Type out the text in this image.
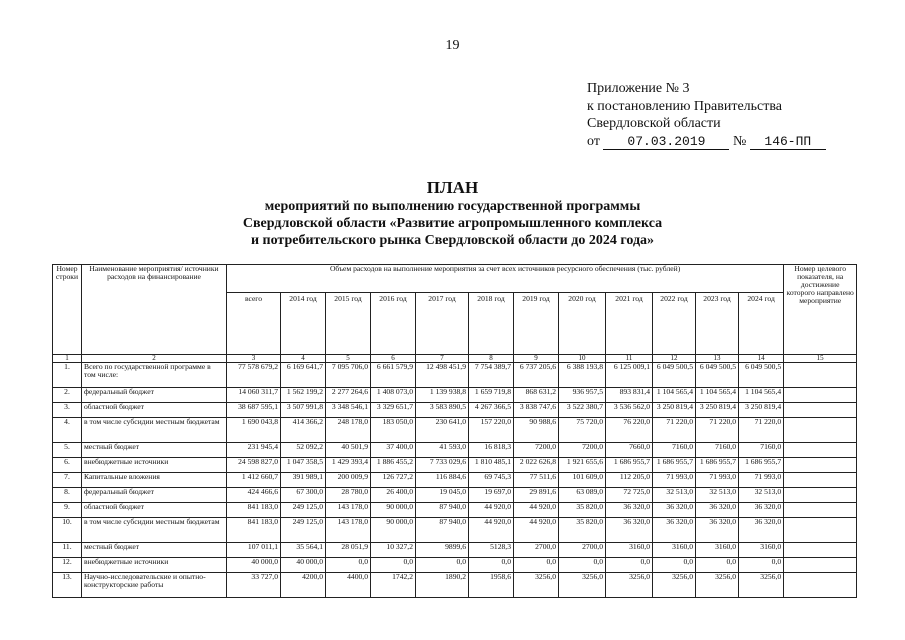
19
Приложение № 3
к постановлению Правительства
Свердловской области
от 07.03.2019 № 146-ПП
ПЛАН
мероприятий по выполнению государственной программы
Свердловской области «Развитие агропромышленного комплекса
и потребительского рынка Свердловской области до 2024 года»
Номер строки	Наименование мероприятия/ источники расходов на финансирование	Объем расходов на выполнение мероприятия за счет всех источников ресурсного обеспечения (тыс. рублей)												Номер целевого показателя, на достижение которого направлено мероприятие
		всего	2014 год	2015 год	2016 год	2017 год	2018 год	2019 год	2020 год	2021 год	2022 год	2023 год	2024 год	
1	2	3	4	5	6	7	8	9	10	11	12	13	14	15
1.	Всего по государственной программе в том числе:	77 578 679,2	6 169 641,7	7 095 706,0	6 661 579,9	12 498 451,9	7 754 389,7	6 737 205,6	6 388 193,8	6 125 009,1	6 049 500,5	6 049 500,5	6 049 500,5	
2.	федеральный бюджет	14 060 311,7	1 562 199,2	2 277 264,6	1 408 073,0	1 139 938,8	1 659 719,8	868 631,2	936 957,5	893 831,4	1 104 565,4	1 104 565,4	1 104 565,4	
3.	областной бюджет	38 687 595,1	3 507 991,8	3 348 546,1	3 329 651,7	3 583 890,5	4 267 366,5	3 838 747,6	3 522 380,7	3 536 562,0	3 250 819,4	3 250 819,4	3 250 819,4	
4.	в том числе субсидии местным бюджетам	1 690 043,8	414 366,2	248 178,0	183 050,0	230 641,0	157 220,0	90 988,6	75 720,0	76 220,0	71 220,0	71 220,0	71 220,0	
5.	местный бюджет	231 945,4	52 092,2	40 501,9	37 400,0	41 593,0	16 818,3	7200,0	7200,0	7660,0	7160,0	7160,0	7160,0	
6.	внебюджетные источники	24 598 827,0	1 047 358,5	1 429 393,4	1 886 455,2	7 733 029,6	1 810 485,1	2 022 626,8	1 921 655,6	1 686 955,7	1 686 955,7	1 686 955,7	1 686 955,7	
7.	Капитальные вложения	1 412 660,7	391 989,1	200 009,9	126 727,2	116 884,6	69 745,3	77 511,6	101 609,0	112 205,0	71 993,0	71 993,0	71 993,0	
8.	федеральный бюджет	424 466,6	67 300,0	28 780,0	26 400,0	19 045,0	19 697,0	29 891,6	63 089,0	72 725,0	32 513,0	32 513,0	32 513,0	
9.	областной бюджет	841 183,0	249 125,0	143 178,0	90 000,0	87 940,0	44 920,0	44 920,0	35 820,0	36 320,0	36 320,0	36 320,0	36 320,0	
10.	в том числе субсидии местным бюджетам	841 183,0	249 125,0	143 178,0	90 000,0	87 940,0	44 920,0	44 920,0	35 820,0	36 320,0	36 320,0	36 320,0	36 320,0	
11.	местный бюджет	107 011,1	35 564,1	28 051,9	10 327,2	9899,6	5128,3	2700,0	2700,0	3160,0	3160,0	3160,0	3160,0	
12.	внебюджетные источники	40 000,0	40 000,0	0,0	0,0	0,0	0,0	0,0	0,0	0,0	0,0	0,0	0,0	
13.	Научно-исследовательские и опытно-конструкторские работы	33 727,0	4200,0	4400,0	1742,2	1890,2	1958,6	3256,0	3256,0	3256,0	3256,0	3256,0	3256,0	
